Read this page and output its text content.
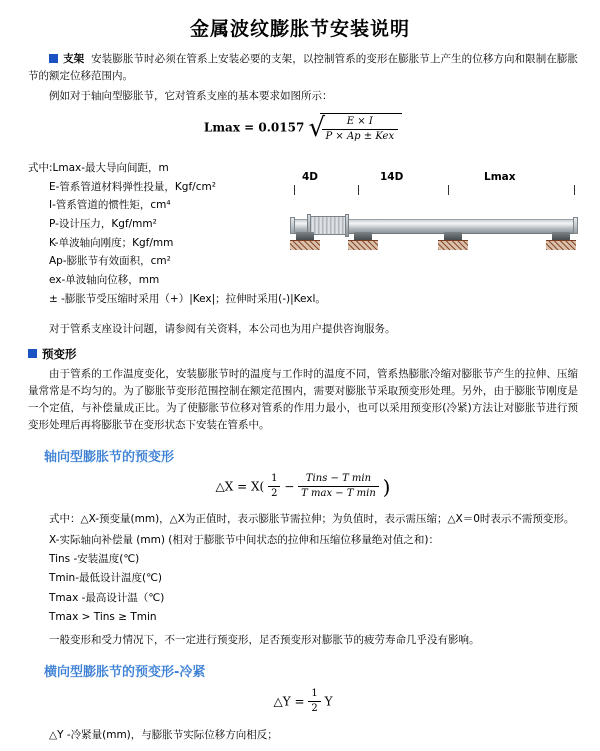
金属波纹膨胀节安装说明

支架 安装膨胀节时必须在管系上安装必要的支架，以控制管系的变形在膨胀节上产生的位移方向和限制在膨胀节的额定位移范围内。

例如对于轴向型膨胀节，它对管系支座的基本要求如图所示：

Lmax = 0.0157 √
$\frac{E \times I}{\text{P × Ap ± Kex}}$
式中:Lmax-最大导向间距，m
E-管系管道材料弹性投量，Kgf/cm²
I-管系管道的惯性矩，cm⁴
P-设计压力，Kgf/mm²
K-单波轴向刚度；Kgf/mm
Ap-膨胀节有效面积，cm²
ex-单波轴向位移，mm
± -膨胀节受压缩时采用（+）|Kex|；拉伸时采用(-)|Kexl。
4D	14D	Lmax

对于管系支座设计问题，请参阅有关资料，本公司也为用户提供咨询服务。

预变形

由于管系的工作温度变化，安装膨胀节时的温度与工作时的温度不同，管系热膨胀冷缩对膨胀节产生的拉伸、压缩量常常是不均匀的。为了膨胀节变形范围控制在额定范围内，需要对膨胀节采取预变形处理。另外，由于膨胀节刚度是一个定值，与补偿量成正比。为了使膨胀节位移对管系的作用力最小，也可以采用预变形(冷紧)方法让对膨胀节进行预变形处理后再将膨胀节在变形状态下安装在管系中。

轴向型膨胀节的预变形
△X = $X( \frac{1}{2} - \frac{\text{Tins − T min}}{\text{T max − T min}}$ )

式中：△X-预变量(mm)，△X为正值时，表示膨胀节需拉伸；为负值时，表示需压缩；△X＝0时表示不需预变形。

X-实际轴向补偿量 (mm) (相对于膨胀节中间状态的拉伸和压缩位移量绝对值之和)：
Tins -安装温度(℃)
Tmin-最低设计温度(℃)
Tmax -最高设计温（℃)
Tmax > Tins ≥ Tmin

一般变形和受力情况下，不一定进行预变形，足否预变形对膨胀节的疲劳寿命几乎没有影响。

横向型膨胀节的预变形-冷紧
△Y = $\frac{1}{2}$ Y
△Y -冷紧量(mm)，与膨胀节实际位移方向相反；
